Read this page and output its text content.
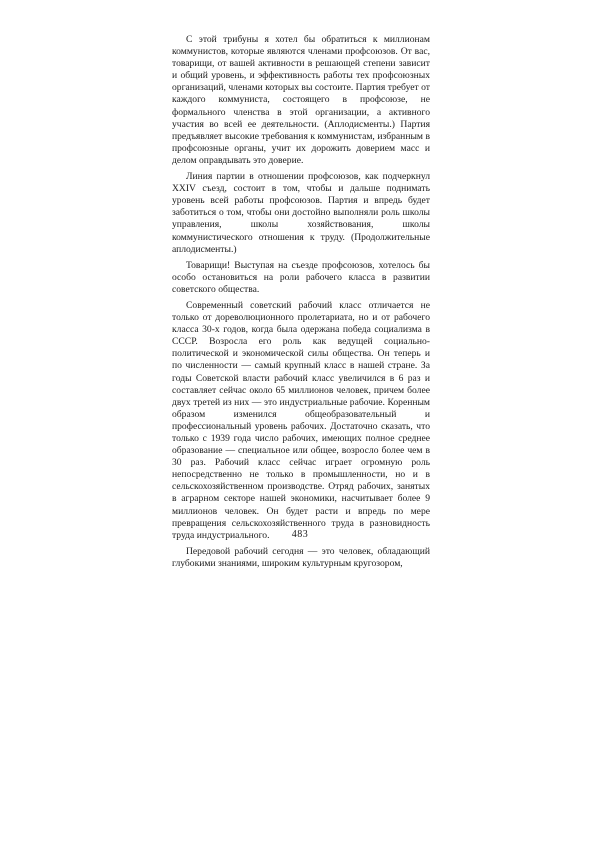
С этой трибуны я хотел бы обратиться к миллионам коммунистов, которые являются членами профсоюзов. От вас, товарищи, от вашей активности в решающей степени зависит и общий уровень, и эффективность работы тех профсоюзных организаций, членами которых вы состоите. Партия требует от каждого коммуниста, состоящего в профсоюзе, не формального членства в этой организации, а активного участия во всей ее деятельности. (Аплодисменты.) Партия предъявляет высокие требования к коммунистам, избранным в профсоюзные органы, учит их дорожить доверием масс и делом оправдывать это доверие.

Линия партии в отношении профсоюзов, как подчеркнул XXIV съезд, состоит в том, чтобы и дальше поднимать уровень всей работы профсоюзов. Партия и впредь будет заботиться о том, чтобы они достойно выполняли роль школы управления, школы хозяйствования, школы коммунистического отношения к труду. (Продолжительные аплодисменты.)

Товарищи! Выступая на съезде профсоюзов, хотелось бы особо остановиться на роли рабочего класса в развитии советского общества.

Современный советский рабочий класс отличается не только от дореволюционного пролетариата, но и от рабочего класса 30-х годов, когда была одержана победа социализма в СССР. Возросла его роль как ведущей социально-политической и экономической силы общества. Он теперь и по численности — самый крупный класс в нашей стране. За годы Советской власти рабочий класс увеличился в 6 раз и составляет сейчас около 65 миллионов человек, причем более двух третей из них — это индустриальные рабочие. Коренным образом изменился общеобразовательный и профессиональный уровень рабочих. Достаточно сказать, что только с 1939 года число рабочих, имеющих полное среднее образование — специальное или общее, возросло более чем в 30 раз. Рабочий класс сейчас играет огромную роль непосредственно не только в промышленности, но и в сельскохозяйственном производстве. Отряд рабочих, занятых в аграрном секторе нашей экономики, насчитывает более 9 миллионов человек. Он будет расти и впредь по мере превращения сельскохозяйственного труда в разновидность труда индустриального.

Передовой рабочий сегодня — это человек, обладающий глубокими знаниями, широким культурным кругозором,

483
